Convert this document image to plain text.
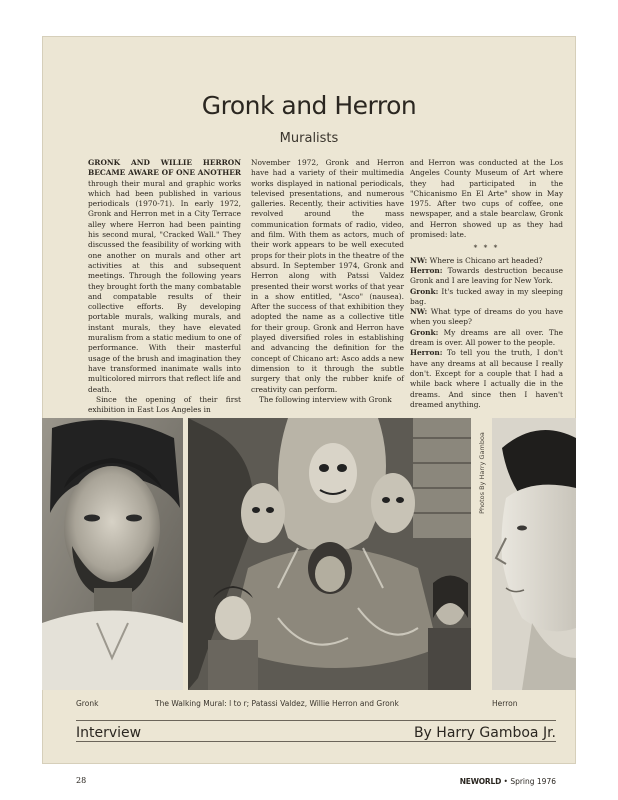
Gronk and Herron
Muralists

GRONK AND WILLIE HERRON BECAME AWARE OF ONE ANOTHER through their mural and graphic works which had been published in various periodicals (1970-71). In early 1972, Gronk and Herron met in a City Terrace alley where Herron had been painting his second mural, "Cracked Wall." They discussed the feasibility of working with one another on murals and other art activities at this and subsequent meetings. Through the following years they brought forth the many combatable and compatable results of their collective efforts. By developing portable murals, walking murals, and instant murals, they have elevated muralism from a static medium to one of performance. With their masterful usage of the brush and imagination they have transformed inanimate walls into multicolored mirrors that reflect life and death.

Since the opening of their first exhibition in East Los Angeles in

November 1972, Gronk and Herron have had a variety of their multimedia works displayed in national periodicals, televised presentations, and numerous galleries. Recently, their activities have revolved around the mass communication formats of radio, video, and film. With them as actors, much of their work appears to be well executed props for their plots in the theatre of the absurd. In September 1974, Gronk and Herron along with Patssi Valdez presented their worst works of that year in a show entitled, "Asco" (nausea). After the success of that exhibition they adopted the name as a collective title for their group. Gronk and Herron have played diversified roles in establishing and advancing the definition for the concept of Chicano art: Asco adds a new dimension to it through the subtle surgery that only the rubber knife of creativity can perform.

The following interview with Gronk

and Herron was conducted at the Los Angeles County Museum of Art where they had participated in the "Chicanismo En El Arte" show in May 1975. After two cups of coffee, one newspaper, and a stale bearclaw, Gronk and Herron showed up as they had promised: late.

* * *

NW: Where is Chicano art headed?

Herron: Towards destruction because Gronk and I are leaving for New York.

Gronk: It's tucked away in my sleeping bag.

NW: What type of dreams do you have when you sleep?

Gronk: My dreams are all over. The dream is over. All power to the people.

Herron: To tell you the truth, I don't have any dreams at all because I really don't. Except for a couple that I had a while back where I actually die in the dreams. And since then I haven't dreamed anything.

Photos By Harry Gamboa
Gronk	The Walking Mural: l to r; Patassi Valdez, Willie Herron and Gronk	Herron
Interview	By Harry Gamboa Jr.
28	NEWORLD • Spring 1976
